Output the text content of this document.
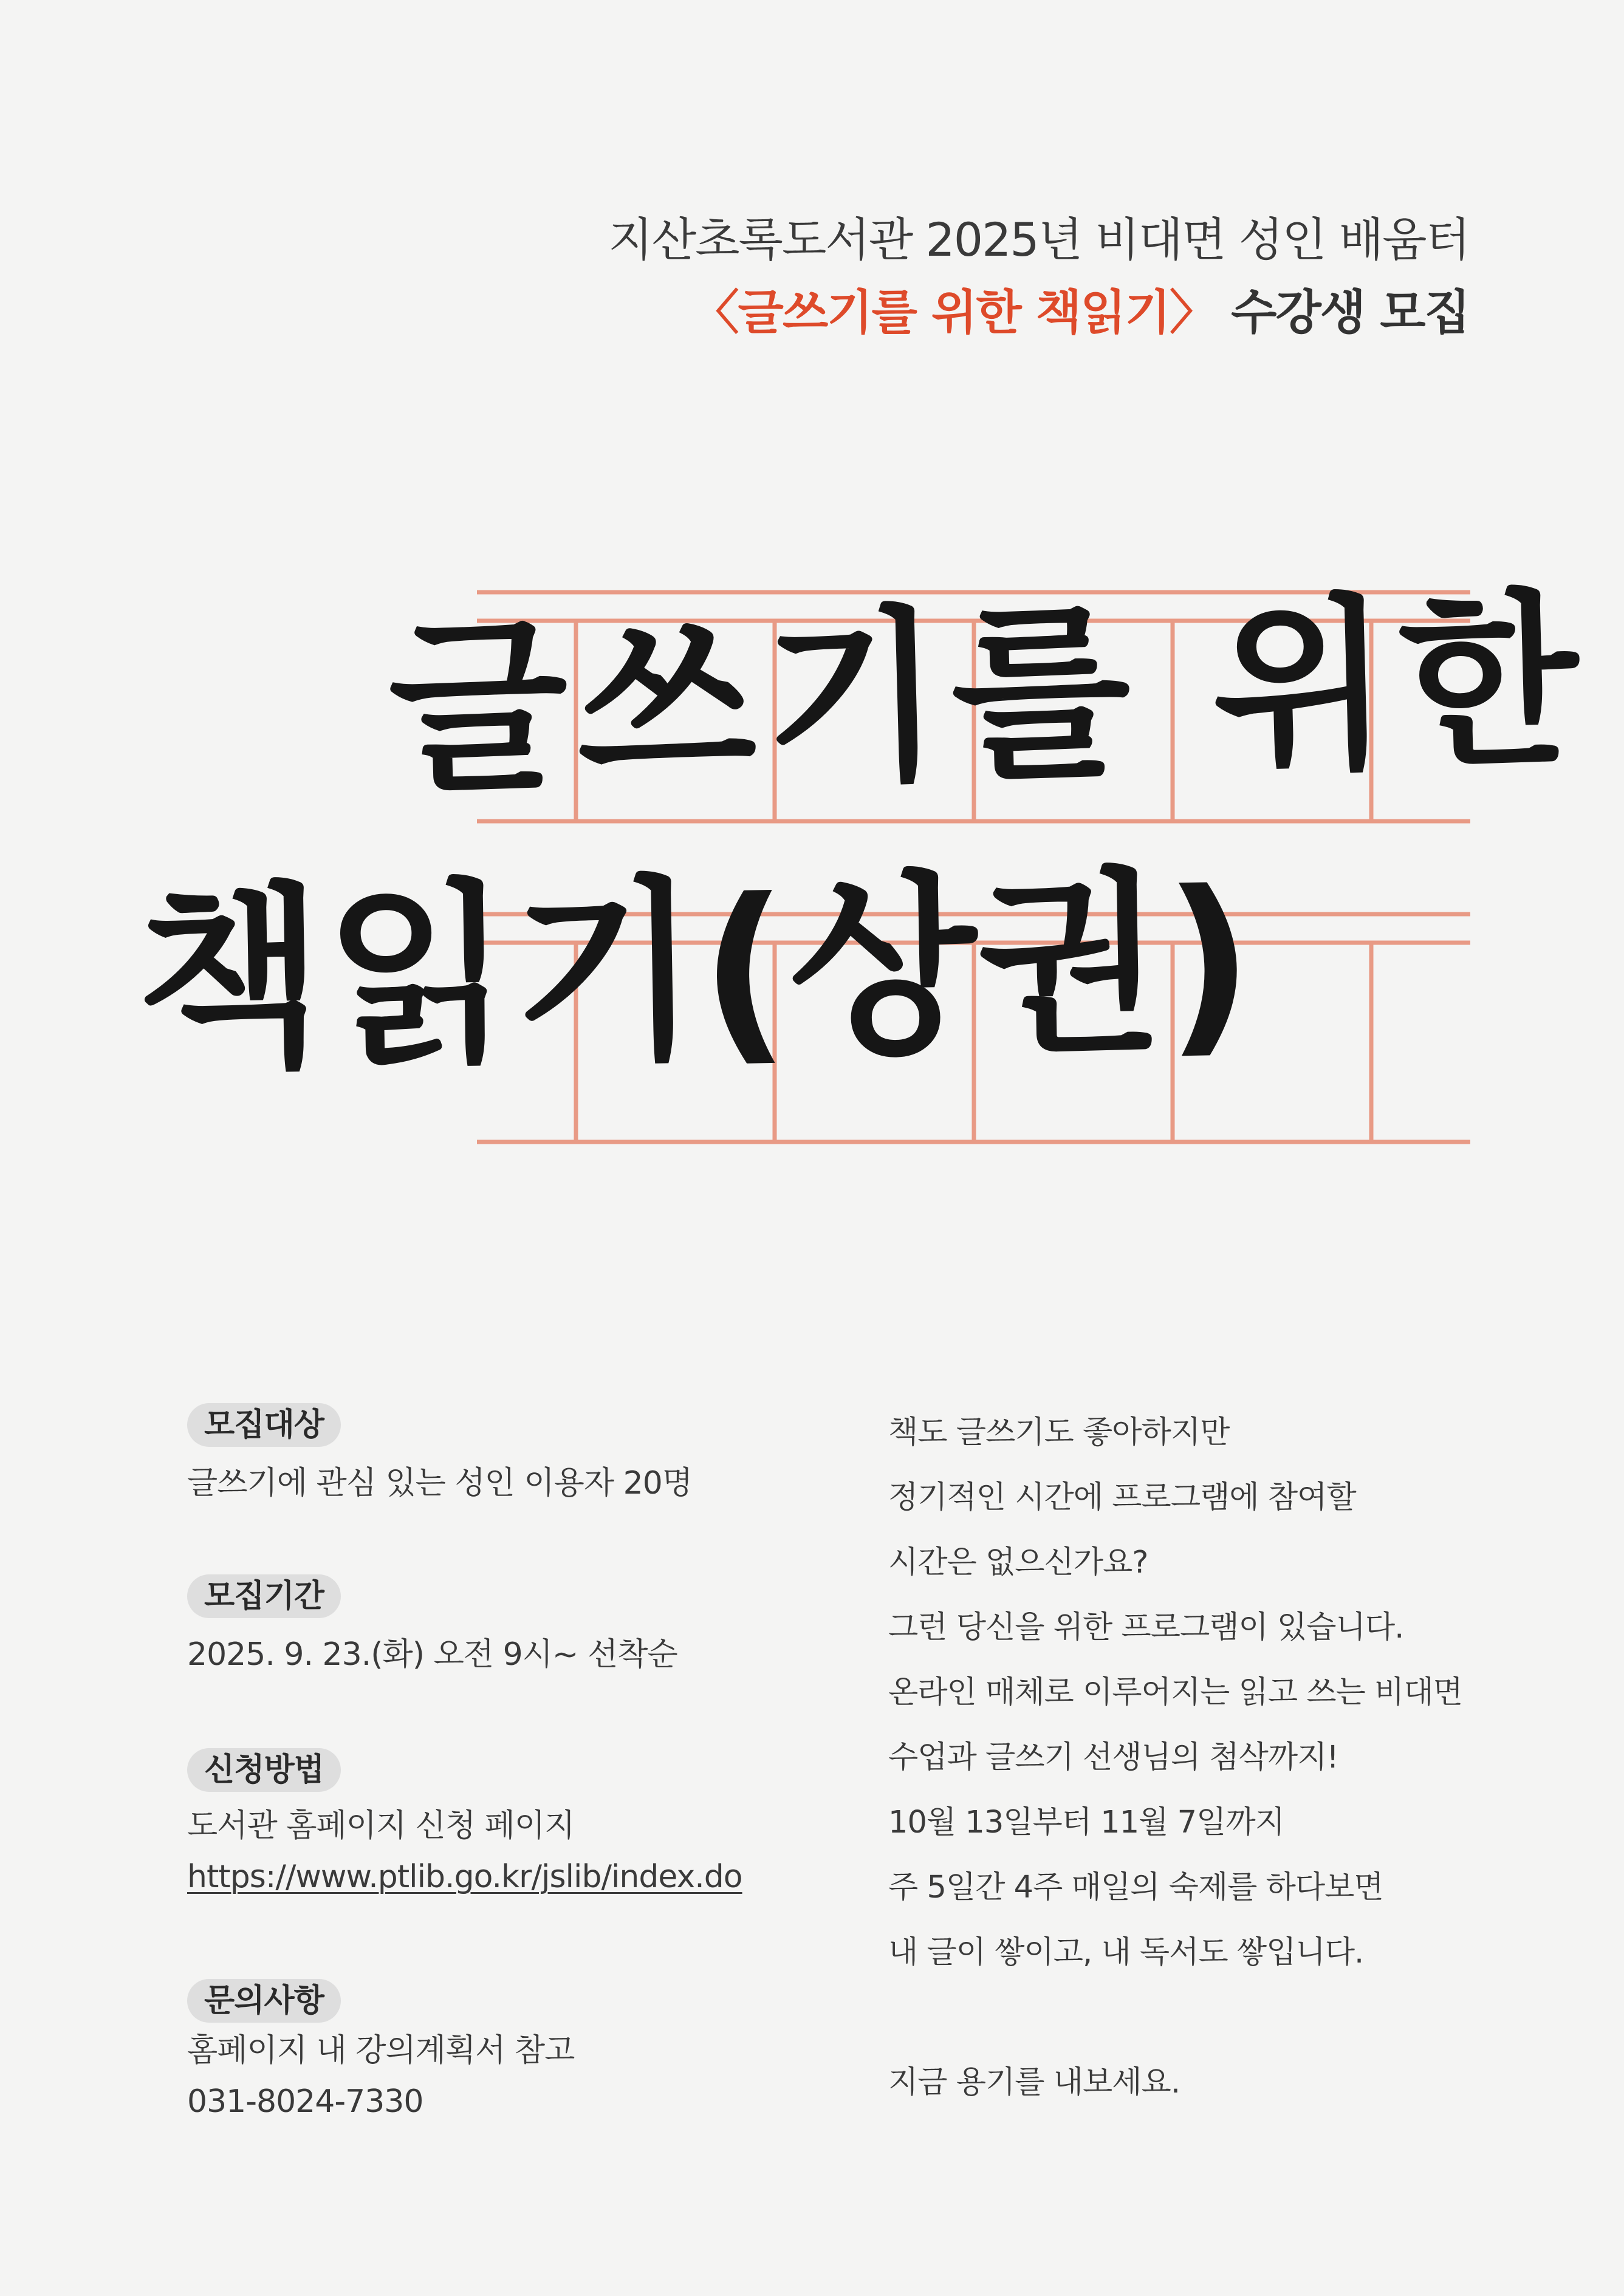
지산초록도서관 2025년 비대면 성인 배움터
〈글쓰기를 위한 책읽기〉 수강생 모집
글쓰기를 위한
책읽기(상권)
모집대상
글쓰기에 관심 있는 성인 이용자 20명
모집기간
2025. 9. 23.(화) 오전 9시~ 선착순
신청방법
도서관 홈페이지 신청 페이지
https://www.ptlib.go.kr/jslib/index.do
문의사항
홈페이지 내 강의계획서 참고
031-8024-7330
책도 글쓰기도 좋아하지만
정기적인 시간에 프로그램에 참여할
시간은 없으신가요?
그런 당신을 위한 프로그램이 있습니다.
온라인 매체로 이루어지는 읽고 쓰는 비대면
수업과 글쓰기 선생님의 첨삭까지!
10월 13일부터 11월 7일까지
주 5일간 4주 매일의 숙제를 하다보면
내 글이 쌓이고, 내 독서도 쌓입니다.
지금 용기를 내보세요.
